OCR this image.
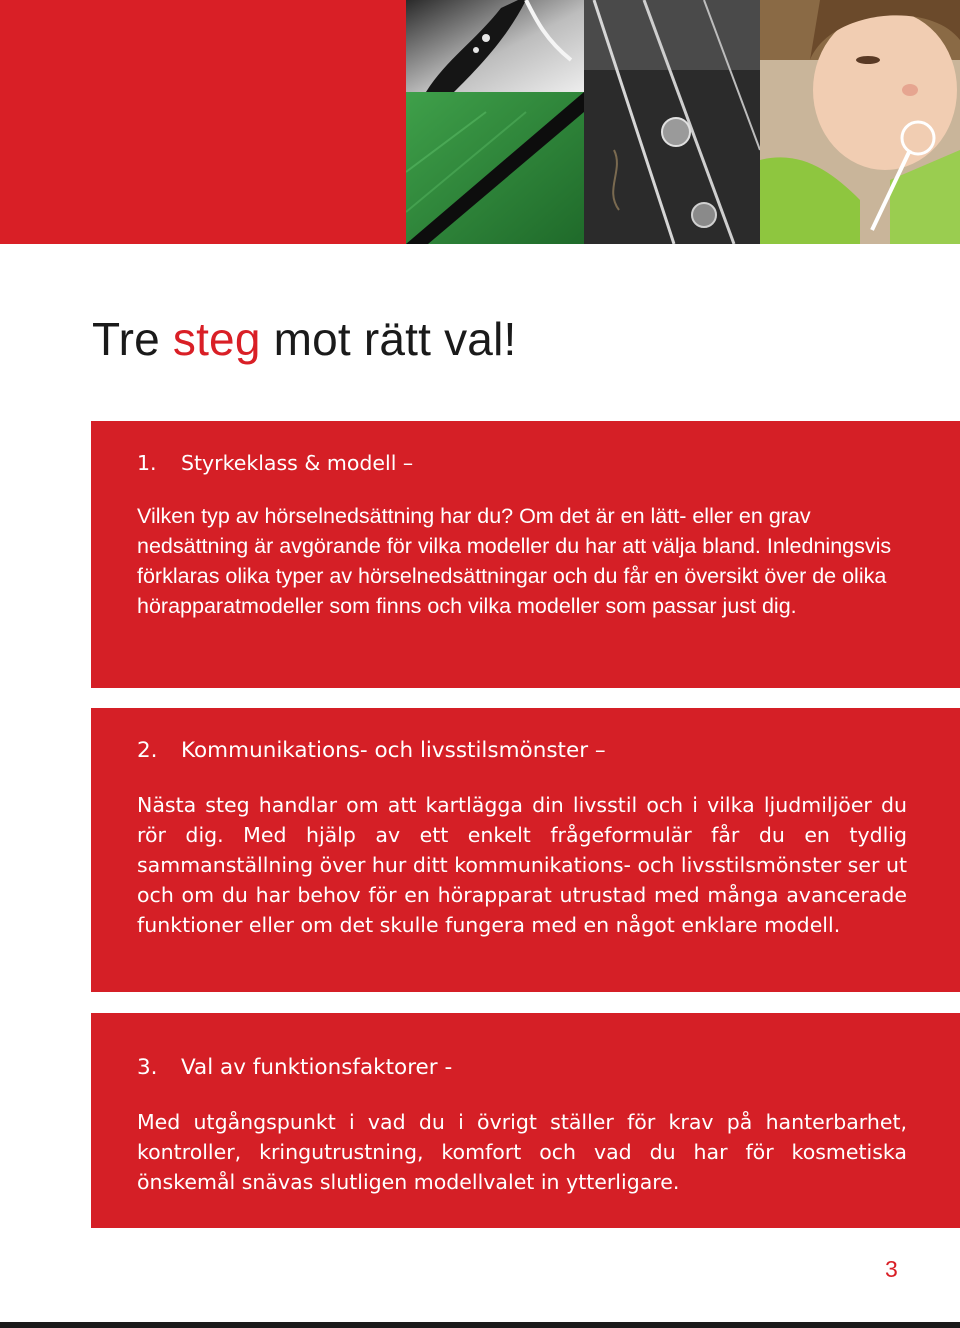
Tre steg mot rätt val!
1. Styrkeklass & modell –

Vilken typ av hörselnedsättning har du? Om det är en lätt- eller en grav nedsättning är avgörande för vilka modeller du har att välja bland. Inledningsvis förklaras olika typer av hörselnedsättningar och du får en översikt över de olika hörapparatmodeller som finns och vilka modeller som passar just dig.

2. Kommunikations- och livsstilsmönster –

Nästa steg handlar om att kartlägga din livsstil och i vilka ljudmiljöer du rör dig. Med hjälp av ett enkelt frågeformulär får du en tydlig sammanställning över hur ditt kommunikations- och livsstilsmönster ser ut och om du har behov för en hörapparat utrustad med många avancerade funktioner eller om det skulle fungera med en något enklare modell.

3. Val av funktionsfaktorer -

Med utgångspunkt i vad du i övrigt ställer för krav på hanterbarhet, kontroller, kringutrustning, komfort och vad du har för kosmetiska önskemål snävas slutligen modellvalet in ytterligare.

3
